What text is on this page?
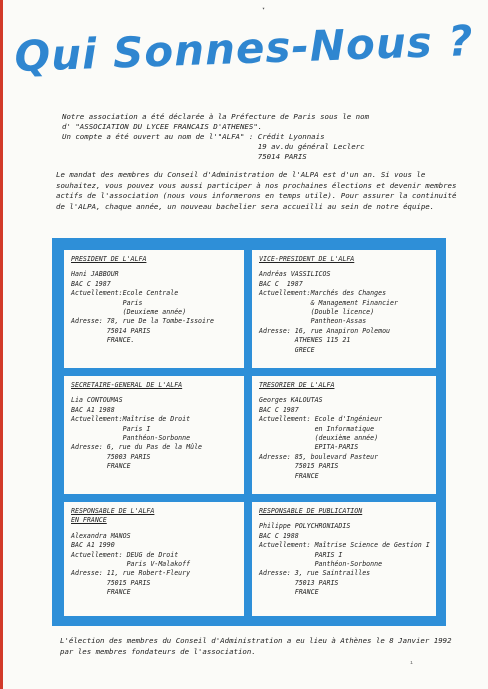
▾
Qui Sonnes-Nous ?
Notre association a été déclarée à la Préfecture de Paris sous le nom
d' "ASSOCIATION DU LYCEE FRANCAIS D'ATHENES".
Un compte a été ouvert au nom de l'"ALFA" : Crédit Lyonnais
19 av.du général Leclerc
75014 PARIS
Le mandat des membres du Conseil d'Administration de l'ALPA est d'un an. Si vous le souhaitez, vous pouvez vous aussi participer à nos prochaines élections et devenir membres actifs de l'association (nous vous informerons en temps utile). Pour assurer la continuité de l'ALPA, chaque année, un nouveau bachelier sera accueilli au sein de notre équipe.
PRESIDENT DE L'ALFA
Hani JABBOUR
BAC C 1987
Actuellement:Ecole Centrale
Paris
(Deuxieme année)
Adresse: 78, rue De la Tombe-Issoire
75014 PARIS
FRANCE.
VICE-PRESIDENT DE L'ALFA
Andréas VASSILICOS
BAC C  1987
Actuellement:Marchés des Changes
& Management Financier
(Double licence)
Pantheon-Assas
Adresse: 16, rue Anapiron Polemou
ATHENES 115 21
GRECE
SECRETAIRE-GENERAL DE L'ALFA
Lia CONTOUMAS
BAC A1 1988
Actuellement:Maîtrise de Droit
Paris I
Panthéon-Sorbonne
Adresse: 6, rue du Pas de la Mûle
75003 PARIS
FRANCE
TRESORIER DE L'ALFA
Georges KALOUTAS
BAC C 1987
Actuellement: Ecole d'Ingénieur
en Informatique
(deuxième année)
EPITA-PARIS
Adresse: 85, boulevard Pasteur
75015 PARIS
FRANCE
RESPONSABLE DE L'ALFA
EN FRANCE
Alexandra MANOS
BAC A1 1990
Actuellement: DEUG de Droit
Paris V-Malakoff
Adresse: 11, rue Robert-Fleury
75015 PARIS
FRANCE
RESPONSABLE DE PUBLICATION
Philippe POLYCHRONIADIS
BAC C 1988
Actuellement: Maîtrise Science de Gestion I
PARIS I
Panthéon-Sorbonne
Adresse: 3, rue Saintrailles
75013 PARIS
FRANCE
L'élection des membres du Conseil d'Administration a eu lieu à Athènes le 8 Janvier 1992 par les membres fondateurs de l'association.
ı
